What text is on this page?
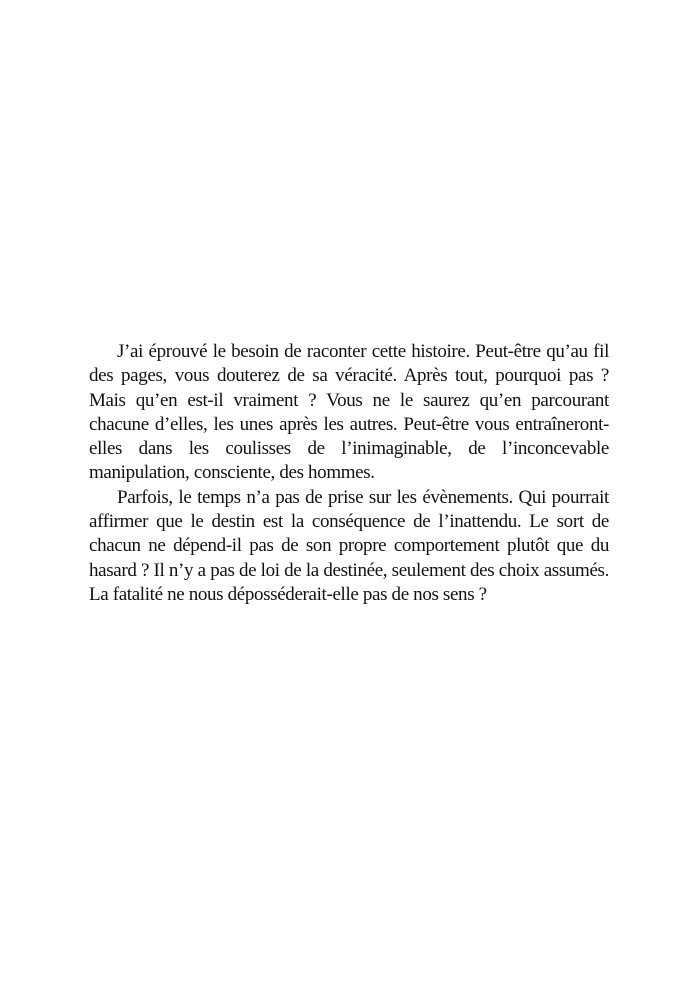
J’ai éprouvé le besoin de raconter cette histoire. Peut-être qu’au fil
des pages, vous douterez de sa véracité. Après tout, pourquoi pas ?
Mais qu’en est-il vraiment ? Vous ne le saurez qu’en parcourant
chacune d’elles, les unes après les autres. Peut-être vous entraîneront-
elles dans les coulisses de l’inimaginable, de l’inconcevable
manipulation, consciente, des hommes.
Parfois, le temps n’a pas de prise sur les évènements. Qui pourrait
affirmer que le destin est la conséquence de l’inattendu. Le sort de
chacun ne dépend-il pas de son propre comportement plutôt que du
hasard ? Il n’y a pas de loi de la destinée, seulement des choix assumés.
La fatalité ne nous déposséderait-elle pas de nos sens ?
